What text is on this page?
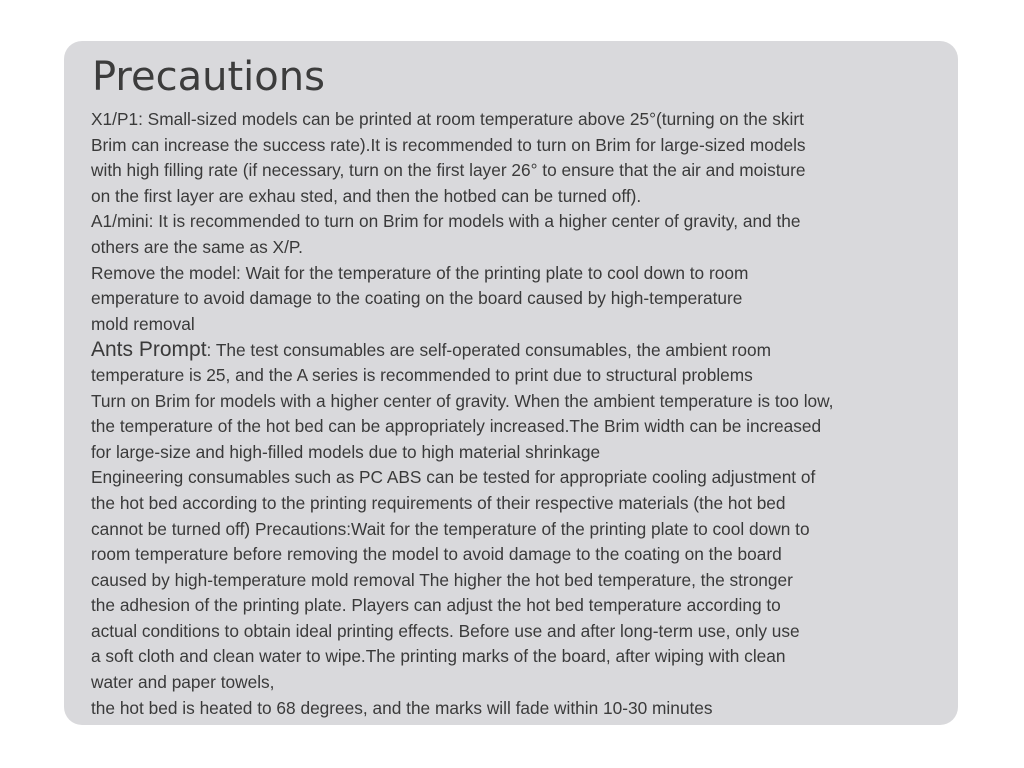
Precautions
X1/P1: Small-sized models can be printed at room temperature above 25°(turning on the skirt
Brim can increase the success rate).It is recommended to turn on Brim for large-sized models
with high filling rate (if necessary, turn on the first layer 26° to ensure that the air and moisture
on the first layer are exhau sted, and then the hotbed can be turned off).
A1/mini: It is recommended to turn on Brim for models with a higher center of gravity, and the
others are the same as X/P.
Remove the model: Wait for the temperature of the printing plate to cool down to room
emperature to avoid damage to the coating on the board caused by high-temperature
mold removal
Ants Prompt: The test consumables are self-operated consumables, the ambient room
temperature is 25, and the A series is recommended to print due to structural problems
Turn on Brim for models with a higher center of gravity. When the ambient temperature is too low,
the temperature of the hot bed can be appropriately increased.The Brim width can be increased
for large-size and high-filled models due to high material shrinkage
Engineering consumables such as PC ABS can be tested for appropriate cooling adjustment of
the hot bed according to the printing requirements of their respective materials (the hot bed
cannot be turned off) Precautions:Wait for the temperature of the printing plate to cool down to
room temperature before removing the model to avoid damage to the coating on the board
caused by high-temperature mold removal The higher the hot bed temperature, the stronger
the adhesion of the printing plate. Players can adjust the hot bed temperature according to
actual conditions to obtain ideal printing effects. Before use and after long-term use, only use
a soft cloth and clean water to wipe.The printing marks of the board, after wiping with clean
water and paper towels,
the hot bed is heated to 68 degrees, and the marks will fade within 10-30 minutes
